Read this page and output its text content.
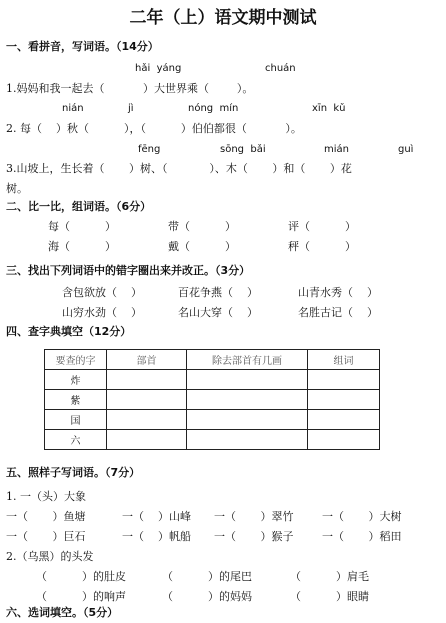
二年（上）语文期中测试
一、看拼音，写词语。（14分）
hǎi  yáng	chuán
1.妈妈和我一起去（           ）大世界乘（        ）。
nián	jì	nóng  mín	xīn  kǔ
2. 每（    ）秋（          ），（          ）伯伯都很（           ）。
fēng	sōng  bǎi	mián	guì
3.山坡上，生长着（       ）树、（            ）、木（       ）和（       ）花
树。
二、比一比，组词语。（6分）
每（          ）	带（          ）	评（          ）
海（          ）	戴（          ）	秤（          ）
三、找出下列词语中的错字圈出来并改正。（3分）
含包欲放（    ）	百花争燕（    ）	山青水秀（    ）
山穷水劲（    ）	名山大穿（    ）	名胜古记（    ）
四、查字典填空（12分）
要查的字	部首	除去部首有几画	组词
炸			
紫			
国			
六			
五、照样子写词语。（7分）
1. 一（头）大象
一（       ）鱼塘	一（    ）山峰 一（       ）翠竹	一（       ）大树
一（       ）巨石	一（    ）帆船 一（       ）猴子	一（       ）稻田
2.（乌黑）的头发
（          ）的肚皮	（          ）的尾巴	（          ）肩毛
（          ）的响声	（          ）的妈妈	（          ）眼睛
六、选词填空。（5分）
